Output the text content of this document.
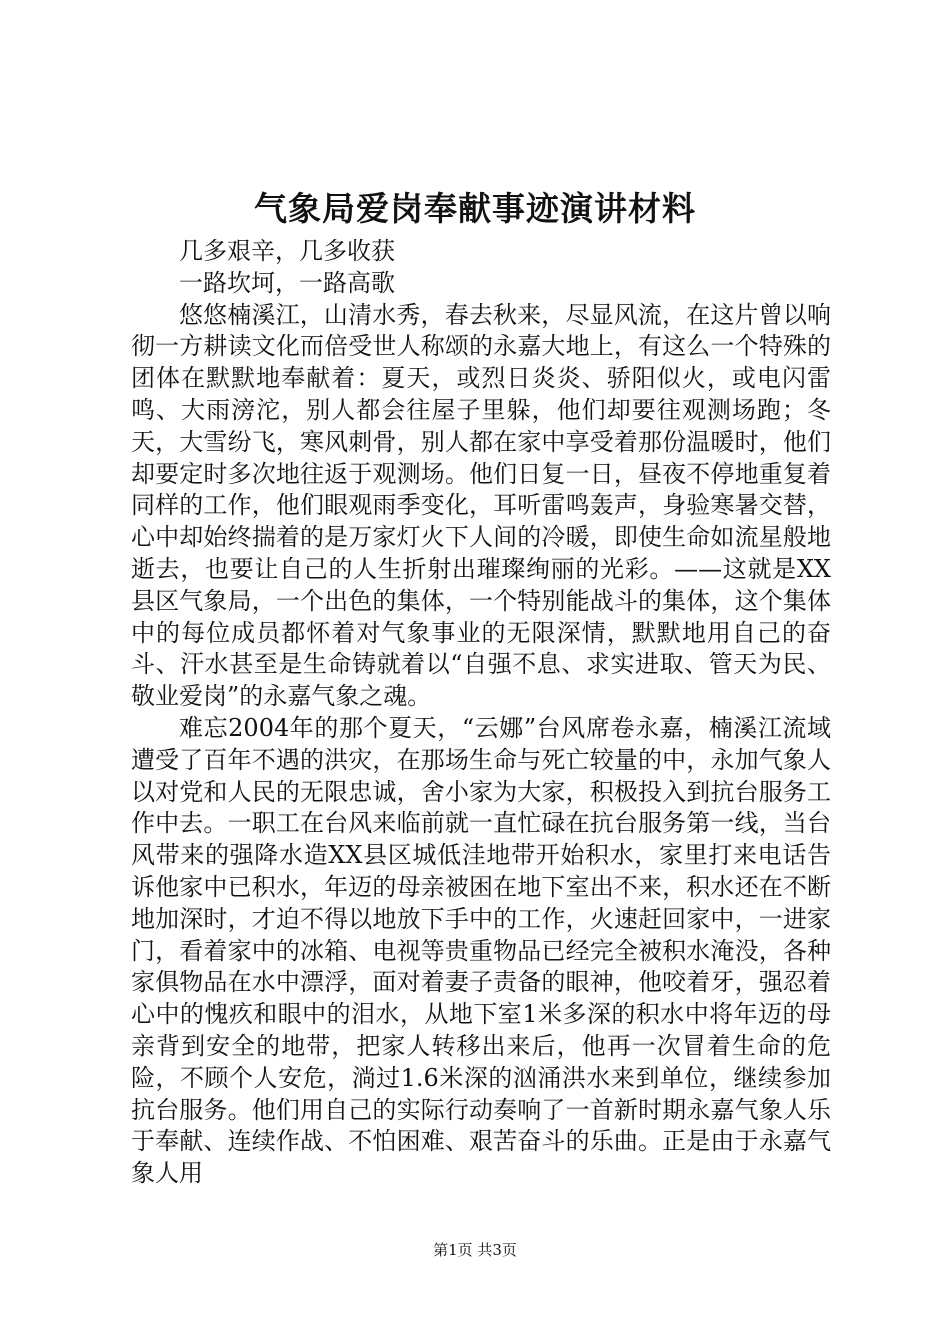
气象局爱岗奉献事迹演讲材料

几多艰辛，几多收获

一路坎坷，一路高歌

悠悠楠溪江，山清水秀，春去秋来，尽显风流，在这片曾以响彻一方耕读文化而倍受世人称颂的永嘉大地上，有这么一个特殊的团体在默默地奉献着：夏天，或烈日炎炎、骄阳似火，或电闪雷鸣、大雨滂沱，别人都会往屋子里躲，他们却要往观测场跑；冬天，大雪纷飞，寒风刺骨，别人都在家中享受着那份温暖时，他们却要定时多次地往返于观测场。他们日复一日，昼夜不停地重复着同样的工作，他们眼观雨季变化，耳听雷鸣轰声，身验寒暑交替，心中却始终揣着的是万家灯火下人间的冷暖，即使生命如流星般地逝去，也要让自己的人生折射出璀璨绚丽的光彩。——这就是XX县区气象局，一个出色的集体，一个特别能战斗的集体，这个集体中的每位成员都怀着对气象事业的无限深情，默默地用自己的奋斗、汗水甚至是生命铸就着以“自强不息、求实进取、管天为民、敬业爱岗”的永嘉气象之魂。

难忘2004年的那个夏天，“云娜”台风席卷永嘉，楠溪江流域遭受了百年不遇的洪灾，在那场生命与死亡较量的中，永加气象人以对党和人民的无限忠诚，舍小家为大家，积极投入到抗台服务工作中去。一职工在台风来临前就一直忙碌在抗台服务第一线，当台风带来的强降水造XX县区城低洼地带开始积水，家里打来电话告诉他家中已积水，年迈的母亲被困在地下室出不来，积水还在不断地加深时，才迫不得以地放下手中的工作，火速赶回家中，一进家门，看着家中的冰箱、电视等贵重物品已经完全被积水淹没，各种家俱物品在水中漂浮，面对着妻子责备的眼神，他咬着牙，强忍着心中的愧疚和眼中的泪水，从地下室1米多深的积水中将年迈的母亲背到安全的地带，把家人转移出来后，他再一次冒着生命的危险，不顾个人安危，淌过1.6米深的汹涌洪水来到单位，继续参加抗台服务。他们用自己的实际行动奏响了一首新时期永嘉气象人乐于奉献、连续作战、不怕困难、艰苦奋斗的乐曲。正是由于永嘉气象人用

第1页 共3页
